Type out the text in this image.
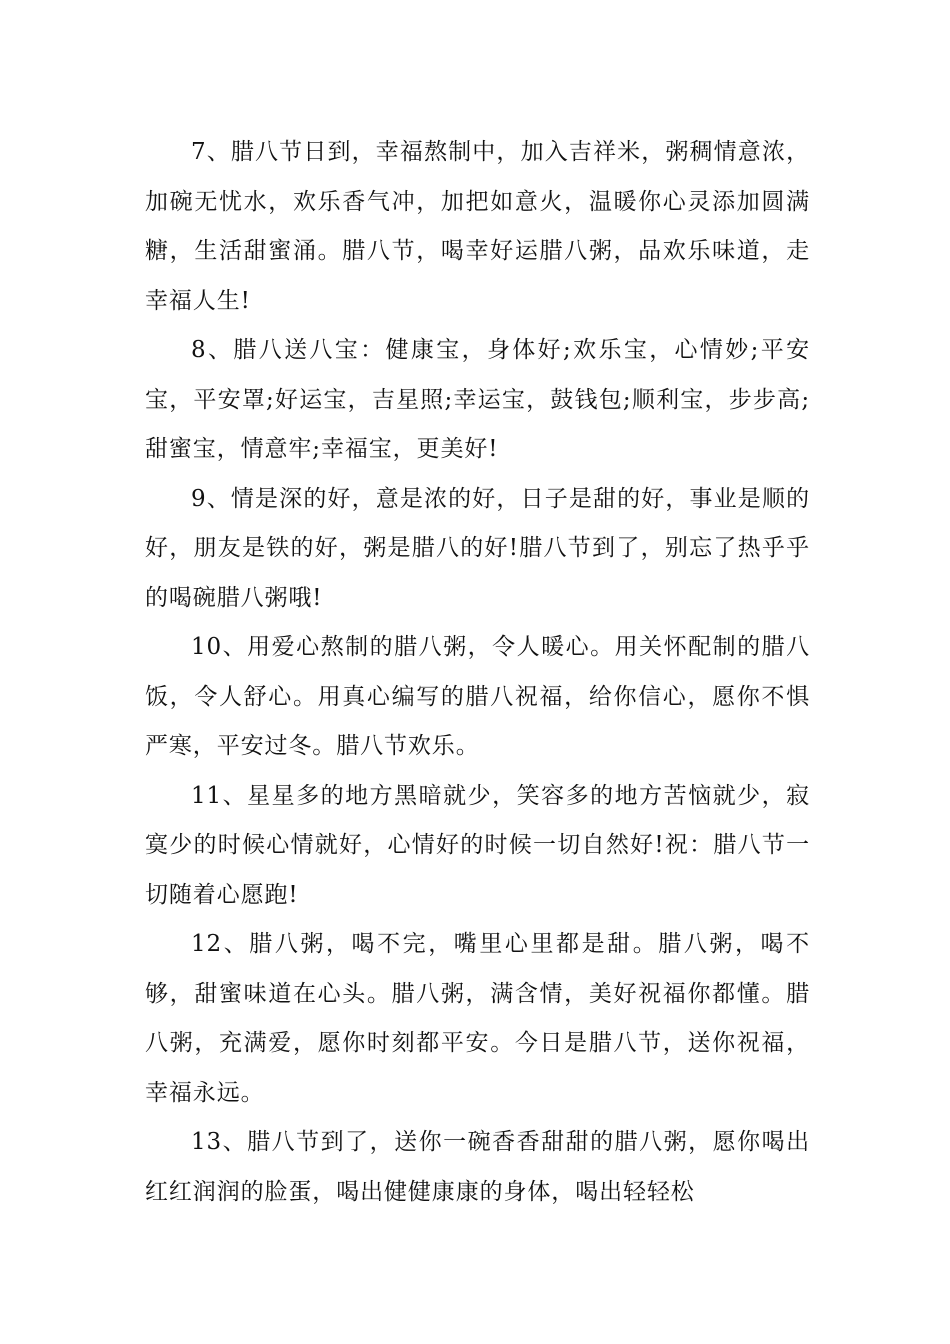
7、腊八节日到，幸福熬制中，加入吉祥米，粥稠情意浓，加碗无忧水，欢乐香气冲，加把如意火，温暖你心灵添加圆满糖，生活甜蜜涌。腊八节，喝幸好运腊八粥，品欢乐味道，走幸福人生!

8、腊八送八宝：健康宝，身体好;欢乐宝，心情妙;平安宝，平安罩;好运宝，吉星照;幸运宝，鼓钱包;顺利宝，步步高;甜蜜宝，情意牢;幸福宝，更美好!

9、情是深的好，意是浓的好，日子是甜的好，事业是顺的好，朋友是铁的好，粥是腊八的好!腊八节到了，别忘了热乎乎的喝碗腊八粥哦!

10、用爱心熬制的腊八粥，令人暖心。用关怀配制的腊八饭，令人舒心。用真心编写的腊八祝福，给你信心，愿你不惧严寒，平安过冬。腊八节欢乐。

11、星星多的地方黑暗就少，笑容多的地方苦恼就少，寂寞少的时候心情就好，心情好的时候一切自然好!祝：腊八节一切随着心愿跑!

12、腊八粥，喝不完，嘴里心里都是甜。腊八粥，喝不够，甜蜜味道在心头。腊八粥，满含情，美好祝福你都懂。腊八粥，充满爱，愿你时刻都平安。今日是腊八节，送你祝福，幸福永远。

13、腊八节到了，送你一碗香香甜甜的腊八粥，愿你喝出红红润润的脸蛋，喝出健健康康的身体，喝出轻轻松
